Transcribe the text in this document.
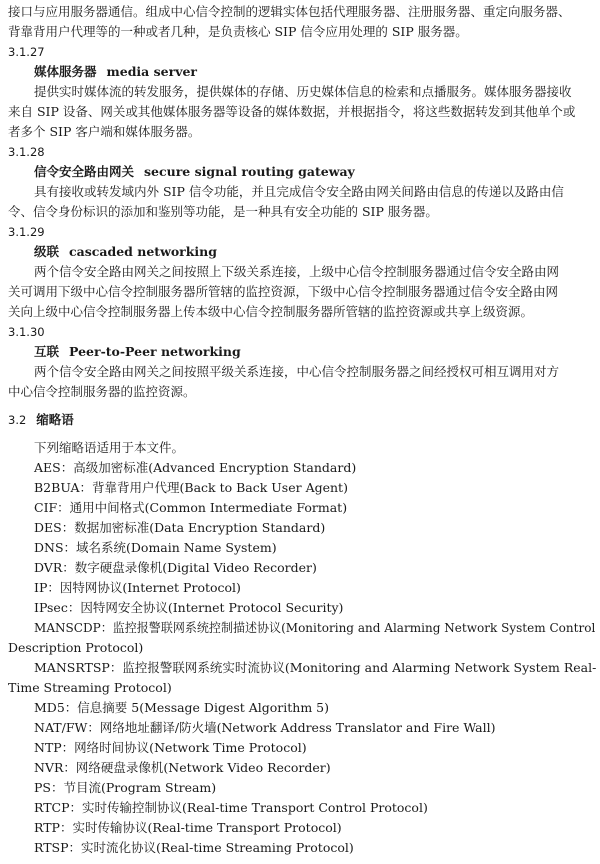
接口与应用服务器通信。组成中心信令控制的逻辑实体包括代理服务器、注册服务器、重定向服务器、
背靠背用户代理等的一种或者几种，是负责核心 SIP 信令应用处理的 SIP 服务器。
3.1.27
媒体服务器 media server
提供实时媒体流的转发服务，提供媒体的存储、历史媒体信息的检索和点播服务。媒体服务器接收
来自 SIP 设备、网关或其他媒体服务器等设备的媒体数据，并根据指令，将这些数据转发到其他单个或
者多个 SIP 客户端和媒体服务器。
3.1.28
信令安全路由网关 secure signal routing gateway
具有接收或转发域内外 SIP 信令功能，并且完成信令安全路由网关间路由信息的传递以及路由信
令、信令身份标识的添加和鉴别等功能，是一种具有安全功能的 SIP 服务器。
3.1.29
级联 cascaded networking
两个信令安全路由网关之间按照上下级关系连接，上级中心信令控制服务器通过信令安全路由网
关可调用下级中心信令控制服务器所管辖的监控资源，下级中心信令控制服务器通过信令安全路由网
关向上级中心信令控制服务器上传本级中心信令控制服务器所管辖的监控资源或共享上级资源。
3.1.30
互联 Peer-to-Peer networking
两个信令安全路由网关之间按照平级关系连接，中心信令控制服务器之间经授权可相互调用对方
中心信令控制服务器的监控资源。
3.2 缩略语
下列缩略语适用于本文件。
AES：高级加密标准(Advanced Encryption Standard)
B2BUA：背靠背用户代理(Back to Back User Agent)
CIF：通用中间格式(Common Intermediate Format)
DES：数据加密标准(Data Encryption Standard)
DNS：域名系统(Domain Name System)
DVR：数字硬盘录像机(Digital Video Recorder)
IP：因特网协议(Internet Protocol)
IPsec：因特网安全协议(Internet Protocol Security)
MANSCDP：监控报警联网系统控制描述协议(Monitoring and Alarming Network System Control
Description Protocol)
MANSRTSP：监控报警联网系统实时流协议(Monitoring and Alarming Network System Real-
Time Streaming Protocol)
MD5：信息摘要 5(Message Digest Algorithm 5)
NAT/FW：网络地址翻译/防火墙(Network Address Translator and Fire Wall)
NTP：网络时间协议(Network Time Protocol)
NVR：网络硬盘录像机(Network Video Recorder)
PS：节目流(Program Stream)
RTCP：实时传输控制协议(Real-time Transport Control Protocol)
RTP：实时传输协议(Real-time Transport Protocol)
RTSP：实时流化协议(Real-time Streaming Protocol)
